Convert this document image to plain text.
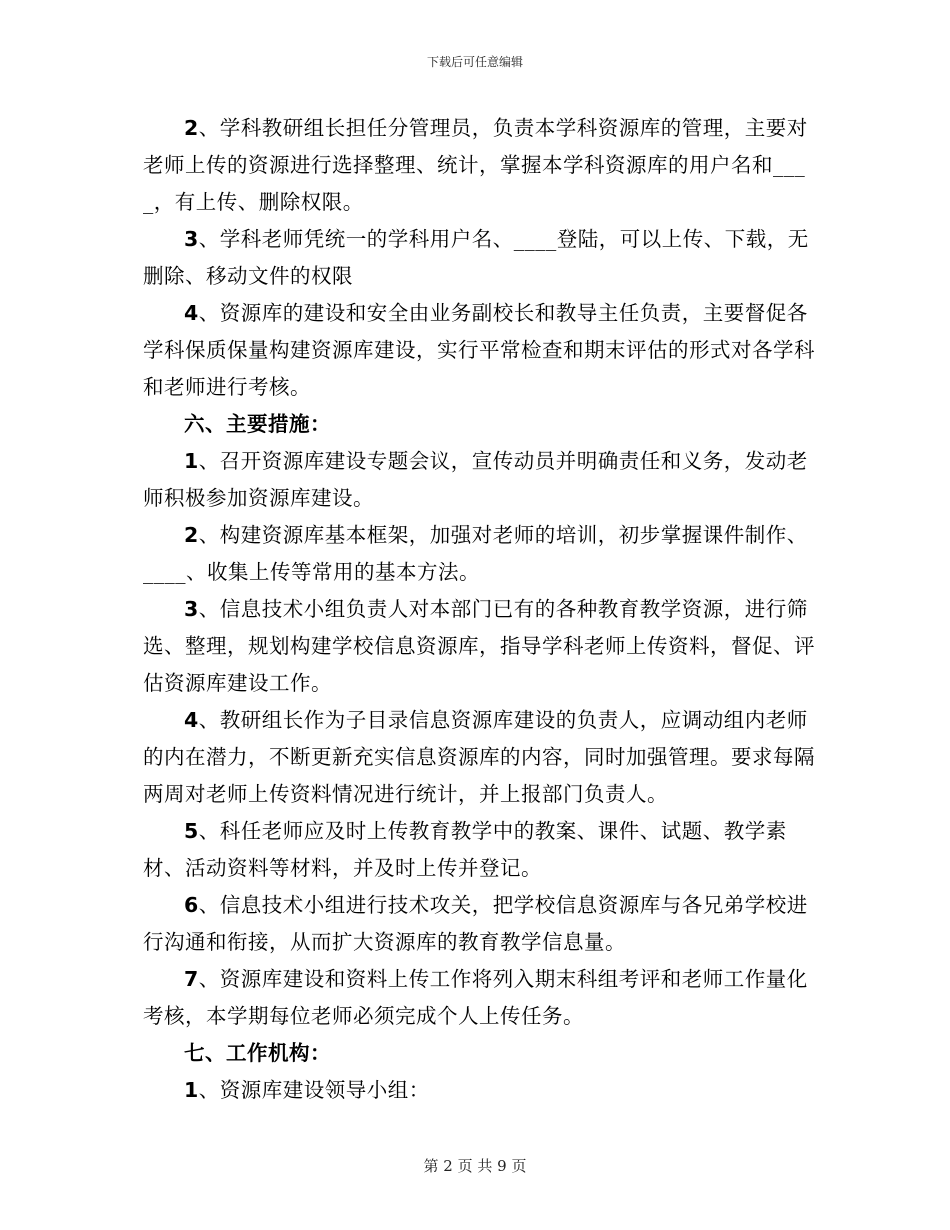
下载后可任意编辑

2、学科教研组长担任分管理员，负责本学科资源库的管理，主要对老师上传的资源进行选择整理、统计，掌握本学科资源库的用户名和____，有上传、删除权限。

3、学科老师凭统一的学科用户名、____登陆，可以上传、下载，无删除、移动文件的权限

4、资源库的建设和安全由业务副校长和教导主任负责，主要督促各学科保质保量构建资源库建设，实行平常检查和期末评估的形式对各学科和老师进行考核。

六、主要措施：

1、召开资源库建设专题会议，宣传动员并明确责任和义务，发动老师积极参加资源库建设。

2、构建资源库基本框架，加强对老师的培训，初步掌握课件制作、____、收集上传等常用的基本方法。

3、信息技术小组负责人对本部门已有的各种教育教学资源，进行筛选、整理，规划构建学校信息资源库，指导学科老师上传资料，督促、评估资源库建设工作。

4、教研组长作为子目录信息资源库建设的负责人，应调动组内老师的内在潜力，不断更新充实信息资源库的内容，同时加强管理。要求每隔两周对老师上传资料情况进行统计，并上报部门负责人。

5、科任老师应及时上传教育教学中的教案、课件、试题、教学素材、活动资料等材料，并及时上传并登记。

6、信息技术小组进行技术攻关，把学校信息资源库与各兄弟学校进行沟通和衔接，从而扩大资源库的教育教学信息量。

7、资源库建设和资料上传工作将列入期末科组考评和老师工作量化考核，本学期每位老师必须完成个人上传任务。

七、工作机构：

1、资源库建设领导小组：

第 2 页 共 9 页
